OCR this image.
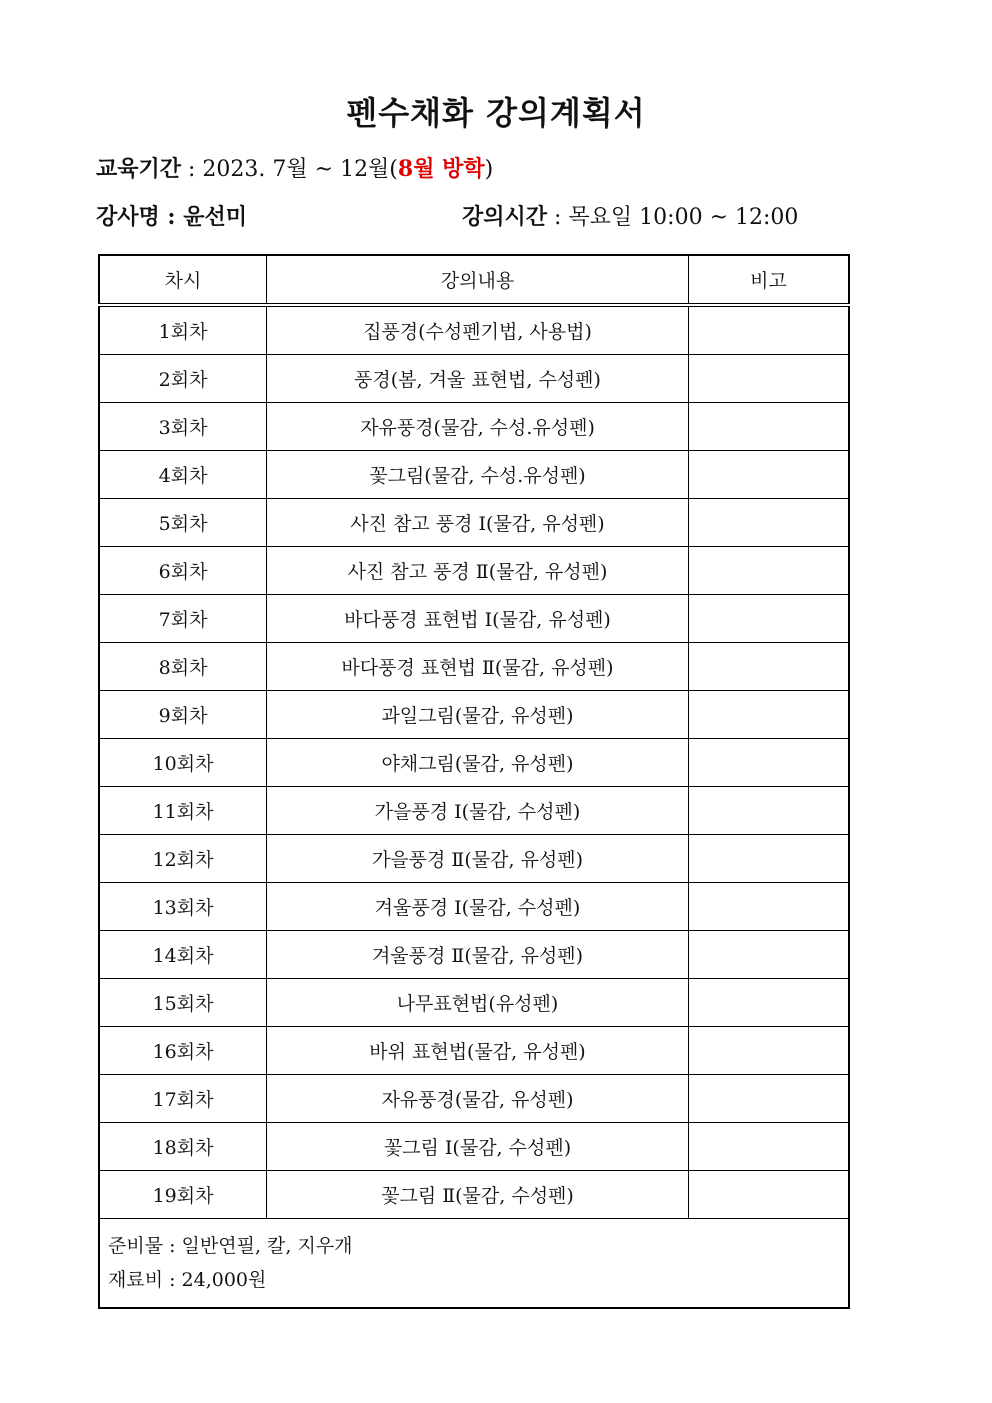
펜수채화 강의계획서
교육기간 : 2023. 7월 ~ 12월(8월 방학)
강사명 : 윤선미	강의시간 : 목요일 10:00 ~ 12:00
차시	강의내용	비고
1회차	집풍경(수성펜기법, 사용법)	
2회차	풍경(봄, 겨울 표현법, 수성펜)	
3회차	자유풍경(물감, 수성.유성펜)	
4회차	꽃그림(물감, 수성.유성펜)	
5회차	사진 참고 풍경 Ⅰ(물감, 유성펜)	
6회차	사진 참고 풍경 Ⅱ(물감, 유성펜)	
7회차	바다풍경 표현법 Ⅰ(물감, 유성펜)	
8회차	바다풍경 표현법 Ⅱ(물감, 유성펜)	
9회차	과일그림(물감, 유성펜)	
10회차	야채그림(물감, 유성펜)	
11회차	가을풍경 Ⅰ(물감, 수성펜)	
12회차	가을풍경 Ⅱ(물감, 유성펜)	
13회차	겨울풍경 Ⅰ(물감, 수성펜)	
14회차	겨울풍경 Ⅱ(물감, 유성펜)	
15회차	나무표현법(유성펜)	
16회차	바위 표현법(물감, 유성펜)	
17회차	자유풍경(물감, 유성펜)	
18회차	꽃그림 Ⅰ(물감, 수성펜)	
19회차	꽃그림 Ⅱ(물감, 수성펜)	

준비물 : 일반연필, 칼, 지우개
재료비 : 24,000원		
